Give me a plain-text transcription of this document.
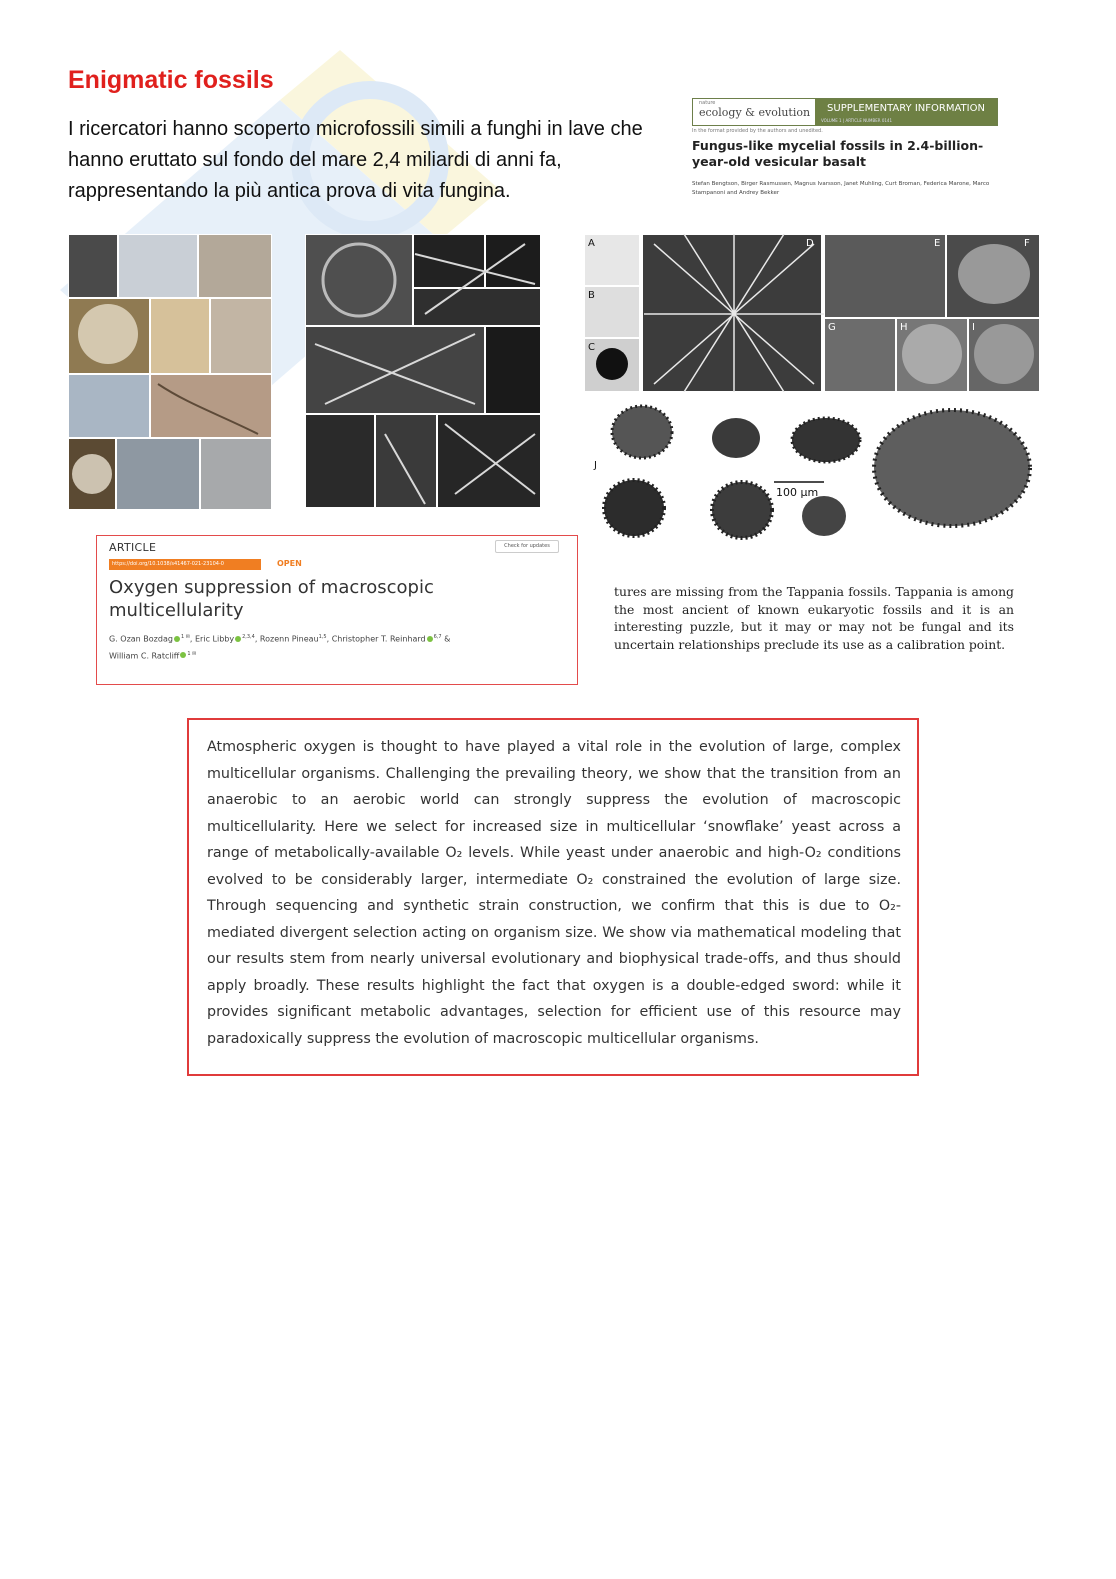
Enigmatic fossils
I ricercatori hanno scoperto microfossili simili a funghi in lave che hanno eruttato sul fondo del mare 2,4 miliardi di anni fa, rappresentando la più antica prova di vita fungina.
nature
ecology & evolution	SUPPLEMENTARY INFORMATION
VOLUME 1 | ARTICLE NUMBER 0141
In the format provided by the authors and unedited.
Fungus-like mycelial fossils in 2.4-billion-year-old vesicular basalt
Stefan Bengtson, Birger Rasmussen, Magnus Ivarsson, Janet Muhling, Curt Broman, Federica Marone, Marco Stampanoni and Andrey Bekker
A
B
C
D	E	F
G	H	I
J
100 µm
ARTICLE	Check for updates
https://doi.org/10.1038/s41467-021-23104-0	OPEN
Oxygen suppression of macroscopic multicellularity
G. Ozan Bozdag $^{1 ✉}$, Eric Libby $^{2,3,4}$, Rozenn Pineau$^{1,5}$, Christopher T. Reinhard $^{6,7}$ &
William C. Ratcliff $^{1 ✉}$
tures are missing from the Tappania fossils. Tappania is among the most ancient of known eukaryotic fossils and it is an interesting puzzle, but it may or may not be fungal and its uncertain relationships preclude its use as a calibration point.
Atmospheric oxygen is thought to have played a vital role in the evolution of large, complex multicellular organisms. Challenging the prevailing theory, we show that the transition from an anaerobic to an aerobic world can strongly suppress the evolution of macroscopic multicellularity. Here we select for increased size in multicellular ‘snowflake’ yeast across a range of metabolically-available O₂ levels. While yeast under anaerobic and high-O₂ conditions evolved to be considerably larger, intermediate O₂ constrained the evolution of large size. Through sequencing and synthetic strain construction, we confirm that this is due to O₂-mediated divergent selection acting on organism size. We show via mathematical modeling that our results stem from nearly universal evolutionary and biophysical trade-offs, and thus should apply broadly. These results highlight the fact that oxygen is a double-edged sword: while it provides significant metabolic advantages, selection for efficient use of this resource may paradoxically suppress the evolution of macroscopic multicellular organisms.
